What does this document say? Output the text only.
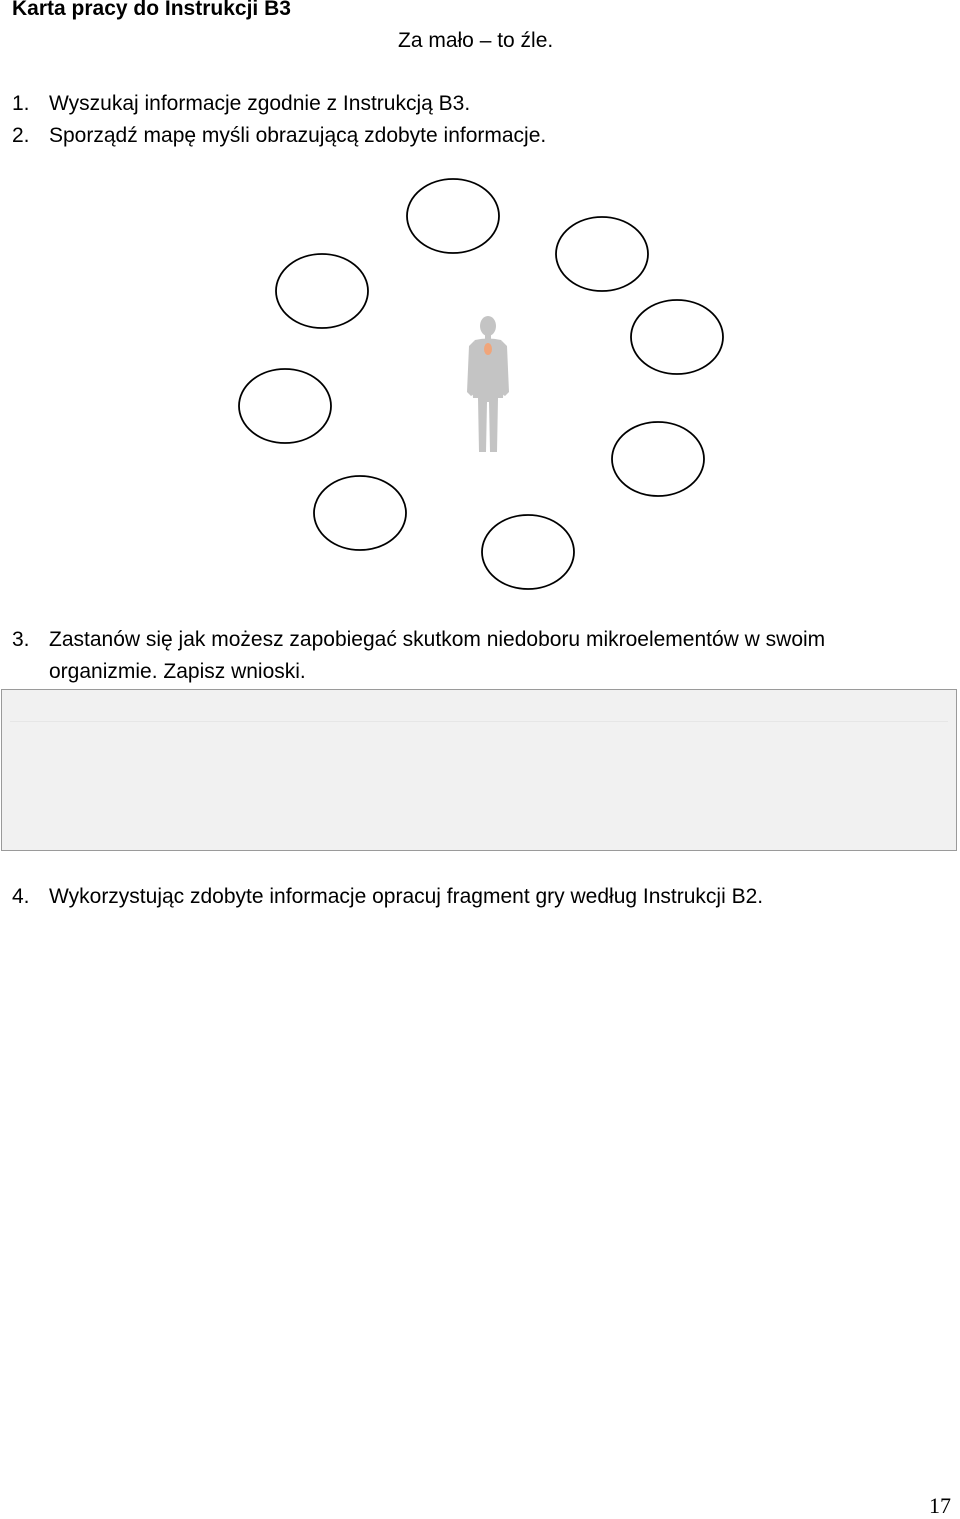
Karta pracy do Instrukcji B3
Za mało – to źle.
1. Wyszukaj informacje zgodnie z Instrukcją B3.
2. Sporządź mapę myśli obrazującą zdobyte informacje.
3. Zastanów się jak możesz zapobiegać skutkom niedoboru mikroelementów w swoim
organizmie. Zapisz wnioski.
4. Wykorzystując zdobyte informacje opracuj fragment gry według Instrukcji B2.
17
